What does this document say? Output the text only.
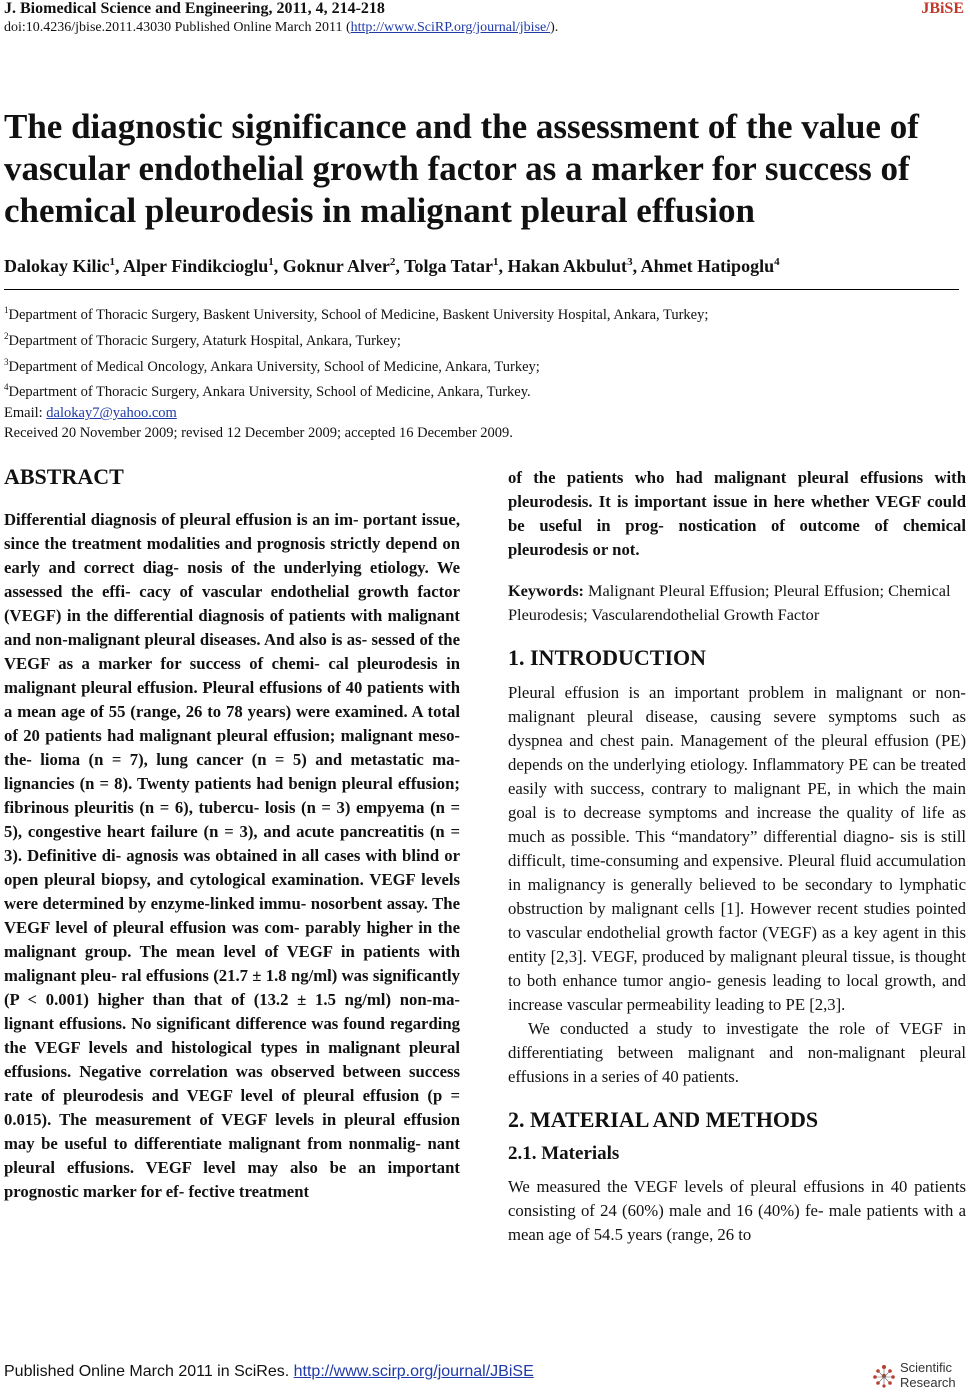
J. Biomedical Science and Engineering, 2011, 4, 214-218	JBiSE
doi:10.4236/jbise.2011.43030 Published Online March 2011 (http://www.SciRP.org/journal/jbise/).
The diagnostic significance and the assessment of the value of vascular endothelial growth factor as a marker for success of chemical pleurodesis in malignant pleural effusion
Dalokay Kilic$^1$, Alper Findikcioglu$^1$, Goknur Alver$^2$, Tolga Tatar$^1$, Hakan Akbulut$^3$, Ahmet Hatipoglu$^4$
$^1$Department of Thoracic Surgery, Baskent University, School of Medicine, Baskent University Hospital, Ankara, Turkey;
$^2$Department of Thoracic Surgery, Ataturk Hospital, Ankara, Turkey;
$^3$Department of Medical Oncology, Ankara University, School of Medicine, Ankara, Turkey;
$^4$Department of Thoracic Surgery, Ankara University, School of Medicine, Ankara, Turkey.
Email: dalokay7@yahoo.com
Received 20 November 2009; revised 12 December 2009; accepted 16 December 2009.
ABSTRACT

Differential diagnosis of pleural effusion is an im- portant issue, since the treatment modalities and prognosis strictly depend on early and correct diag- nosis of the underlying etiology. We assessed the effi- cacy of vascular endothelial growth factor (VEGF) in the differential diagnosis of patients with malignant and non-malignant pleural diseases. And also is as- sessed of the VEGF as a marker for success of chemi- cal pleurodesis in malignant pleural effusion. Pleural effusions of 40 patients with a mean age of 55 (range, 26 to 78 years) were examined. A total of 20 patients had malignant pleural effusion; malignant meso- the- lioma (n = 7), lung cancer (n = 5) and metastatic ma- lignancies (n = 8). Twenty patients had benign pleural effusion; fibrinous pleuritis (n = 6), tubercu- losis (n = 3) empyema (n = 5), congestive heart failure (n = 3), and acute pancreatitis (n = 3). Definitive di- agnosis was obtained in all cases with blind or open pleural biopsy, and cytological examination. VEGF levels were determined by enzyme-linked immu- nosorbent assay. The VEGF level of pleural effusion was com- parably higher in the malignant group. The mean level of VEGF in patients with malignant pleu- ral effusions (21.7 ± 1.8 ng/ml) was significantly (P < 0.001) higher than that of (13.2 ± 1.5 ng/ml) non-ma- lignant effusions. No significant difference was found regarding the VEGF levels and histological types in malignant pleural effusions. Negative correlation was observed between success rate of pleurodesis and VEGF level of pleural effusion (p = 0.015). The measurement of VEGF levels in pleural effusion may be useful to differentiate malignant from nonmalig- nant pleural effusions. VEGF level may also be an important prognostic marker for ef- fective treatment

of the patients who had malignant pleural effusions with pleurodesis. It is important issue in here whether VEGF could be useful in prog- nostication of outcome of chemical pleurodesis or not.

Keywords: Malignant Pleural Effusion; Pleural Effusion; Chemical Pleurodesis; Vascularendothelial Growth Factor

1. INTRODUCTION

Pleural effusion is an important problem in malignant or non-malignant pleural disease, causing severe symptoms such as dyspnea and chest pain. Management of the pleural effusion (PE) depends on the underlying etiology. Inflammatory PE can be treated easily with success, contrary to malignant PE, in which the main goal is to decrease symptoms and increase the quality of life as much as possible. This “mandatory” differential diagno- sis is still difficult, time-consuming and expensive. Pleural fluid accumulation in malignancy is generally believed to be secondary to lymphatic obstruction by malignant cells [1]. However recent studies pointed to vascular endothelial growth factor (VEGF) as a key agent in this entity [2,3]. VEGF, produced by malignant pleural tissue, is thought to both enhance tumor angio- genesis leading to local growth, and increase vascular permeability leading to PE [2,3].

We conducted a study to investigate the role of VEGF in differentiating between malignant and non-malignant pleural effusions in a series of 40 patients.

2. MATERIAL AND METHODS
2.1. Materials

We measured the VEGF levels of pleural effusions in 40 patients consisting of 24 (60%) male and 16 (40%) fe- male patients with a mean age of 54.5 years (range, 26 to

Published Online March 2011 in SciRes. http://www.scirp.org/journal/JBiSE	Scientific
Research
